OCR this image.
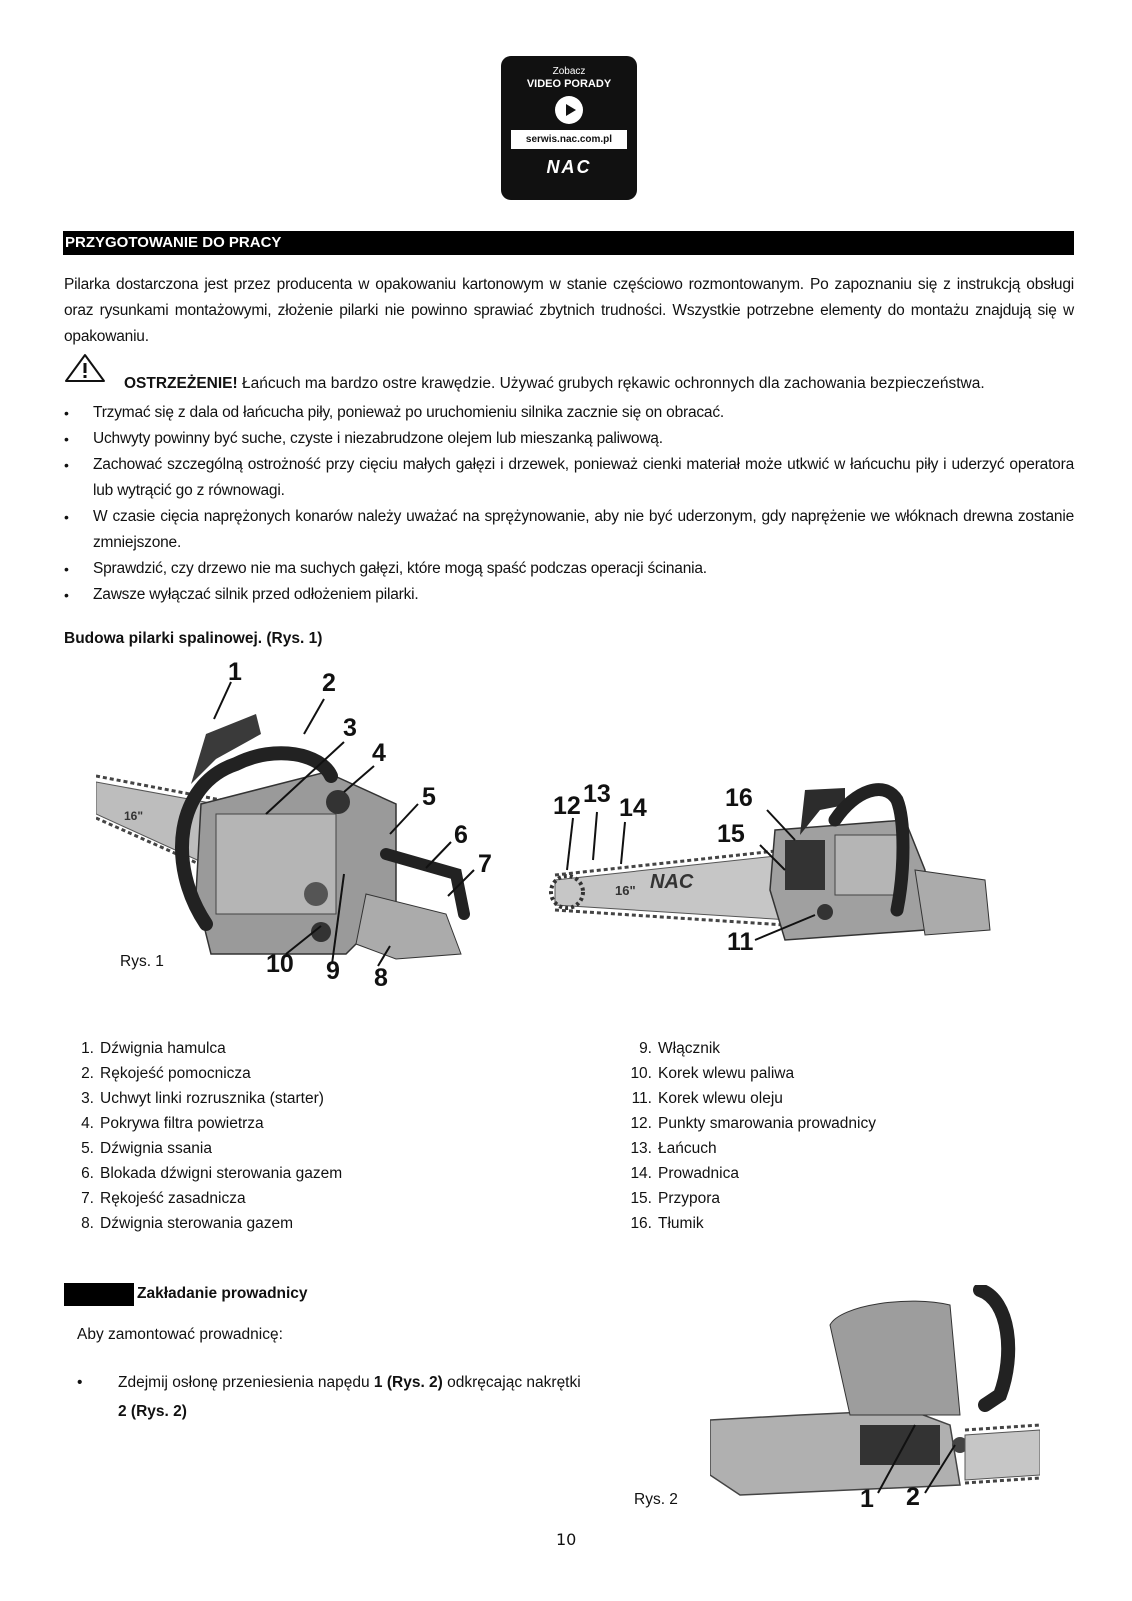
Zobacz
VIDEO PORADY
serwis.nac.com.pl
NAC
PRZYGOTOWANIE DO PRACY
Pilarka dostarczona jest przez producenta w opakowaniu kartonowym w stanie częściowo rozmontowanym. Po zapoznaniu się z instrukcją obsługi oraz rysunkami montażowymi, złożenie pilarki nie powinno sprawiać zbytnich trudności. Wszystkie potrzebne elementy do montażu znajdują się w opakowaniu.
OSTRZEŻENIE! Łańcuch ma bardzo ostre krawędzie. Używać grubych rękawic ochronnych dla zachowania bezpieczeństwa.
• Trzymać się z dala od łańcucha piły, ponieważ po uruchomieniu silnika zacznie się on obracać.
• Uchwyty powinny być suche, czyste i niezabrudzone olejem lub mieszanką paliwową.
• Zachować szczególną ostrożność przy cięciu małych gałęzi i drzewek, ponieważ cienki materiał może utkwić w łańcuchu piły i uderzyć operatora lub wytrącić go z równowagi.
• W czasie cięcia naprężonych konarów należy uważać na sprężynowanie, aby nie być uderzonym, gdy naprężenie we włóknach drewna zostanie zmniejszone.
• Sprawdzić, czy drzewo nie ma suchych gałęzi, które mogą spaść podczas operacji ścinania.
• Zawsze wyłączać silnik przed odłożeniem pilarki.
Budowa pilarki spalinowej. (Rys. 1)
16"
1	2
3
4
5
6
7
10 9 8
16" NAC
12 13 14	16
15
11
Rys. 1
1. Dźwignia hamulca
2. Rękojeść pomocnicza
3. Uchwyt linki rozrusznika (starter)
4. Pokrywa filtra powietrza
5. Dźwignia ssania
6. Blokada dźwigni sterowania gazem
7. Rękojeść zasadnicza
8. Dźwignia sterowania gazem
9. Włącznik
10. Korek wlewu paliwa
11. Korek wlewu oleju
12. Punkty smarowania prowadnicy
13. Łańcuch
14. Prowadnica
15. Przypora
16. Tłumik
Zakładanie prowadnicy
Aby zamontować prowadnicę:
•	Zdejmij osłonę przeniesienia napędu 1 (Rys. 2) odkręcając nakrętki
2 (Rys. 2)
1 2
Rys. 2
10
